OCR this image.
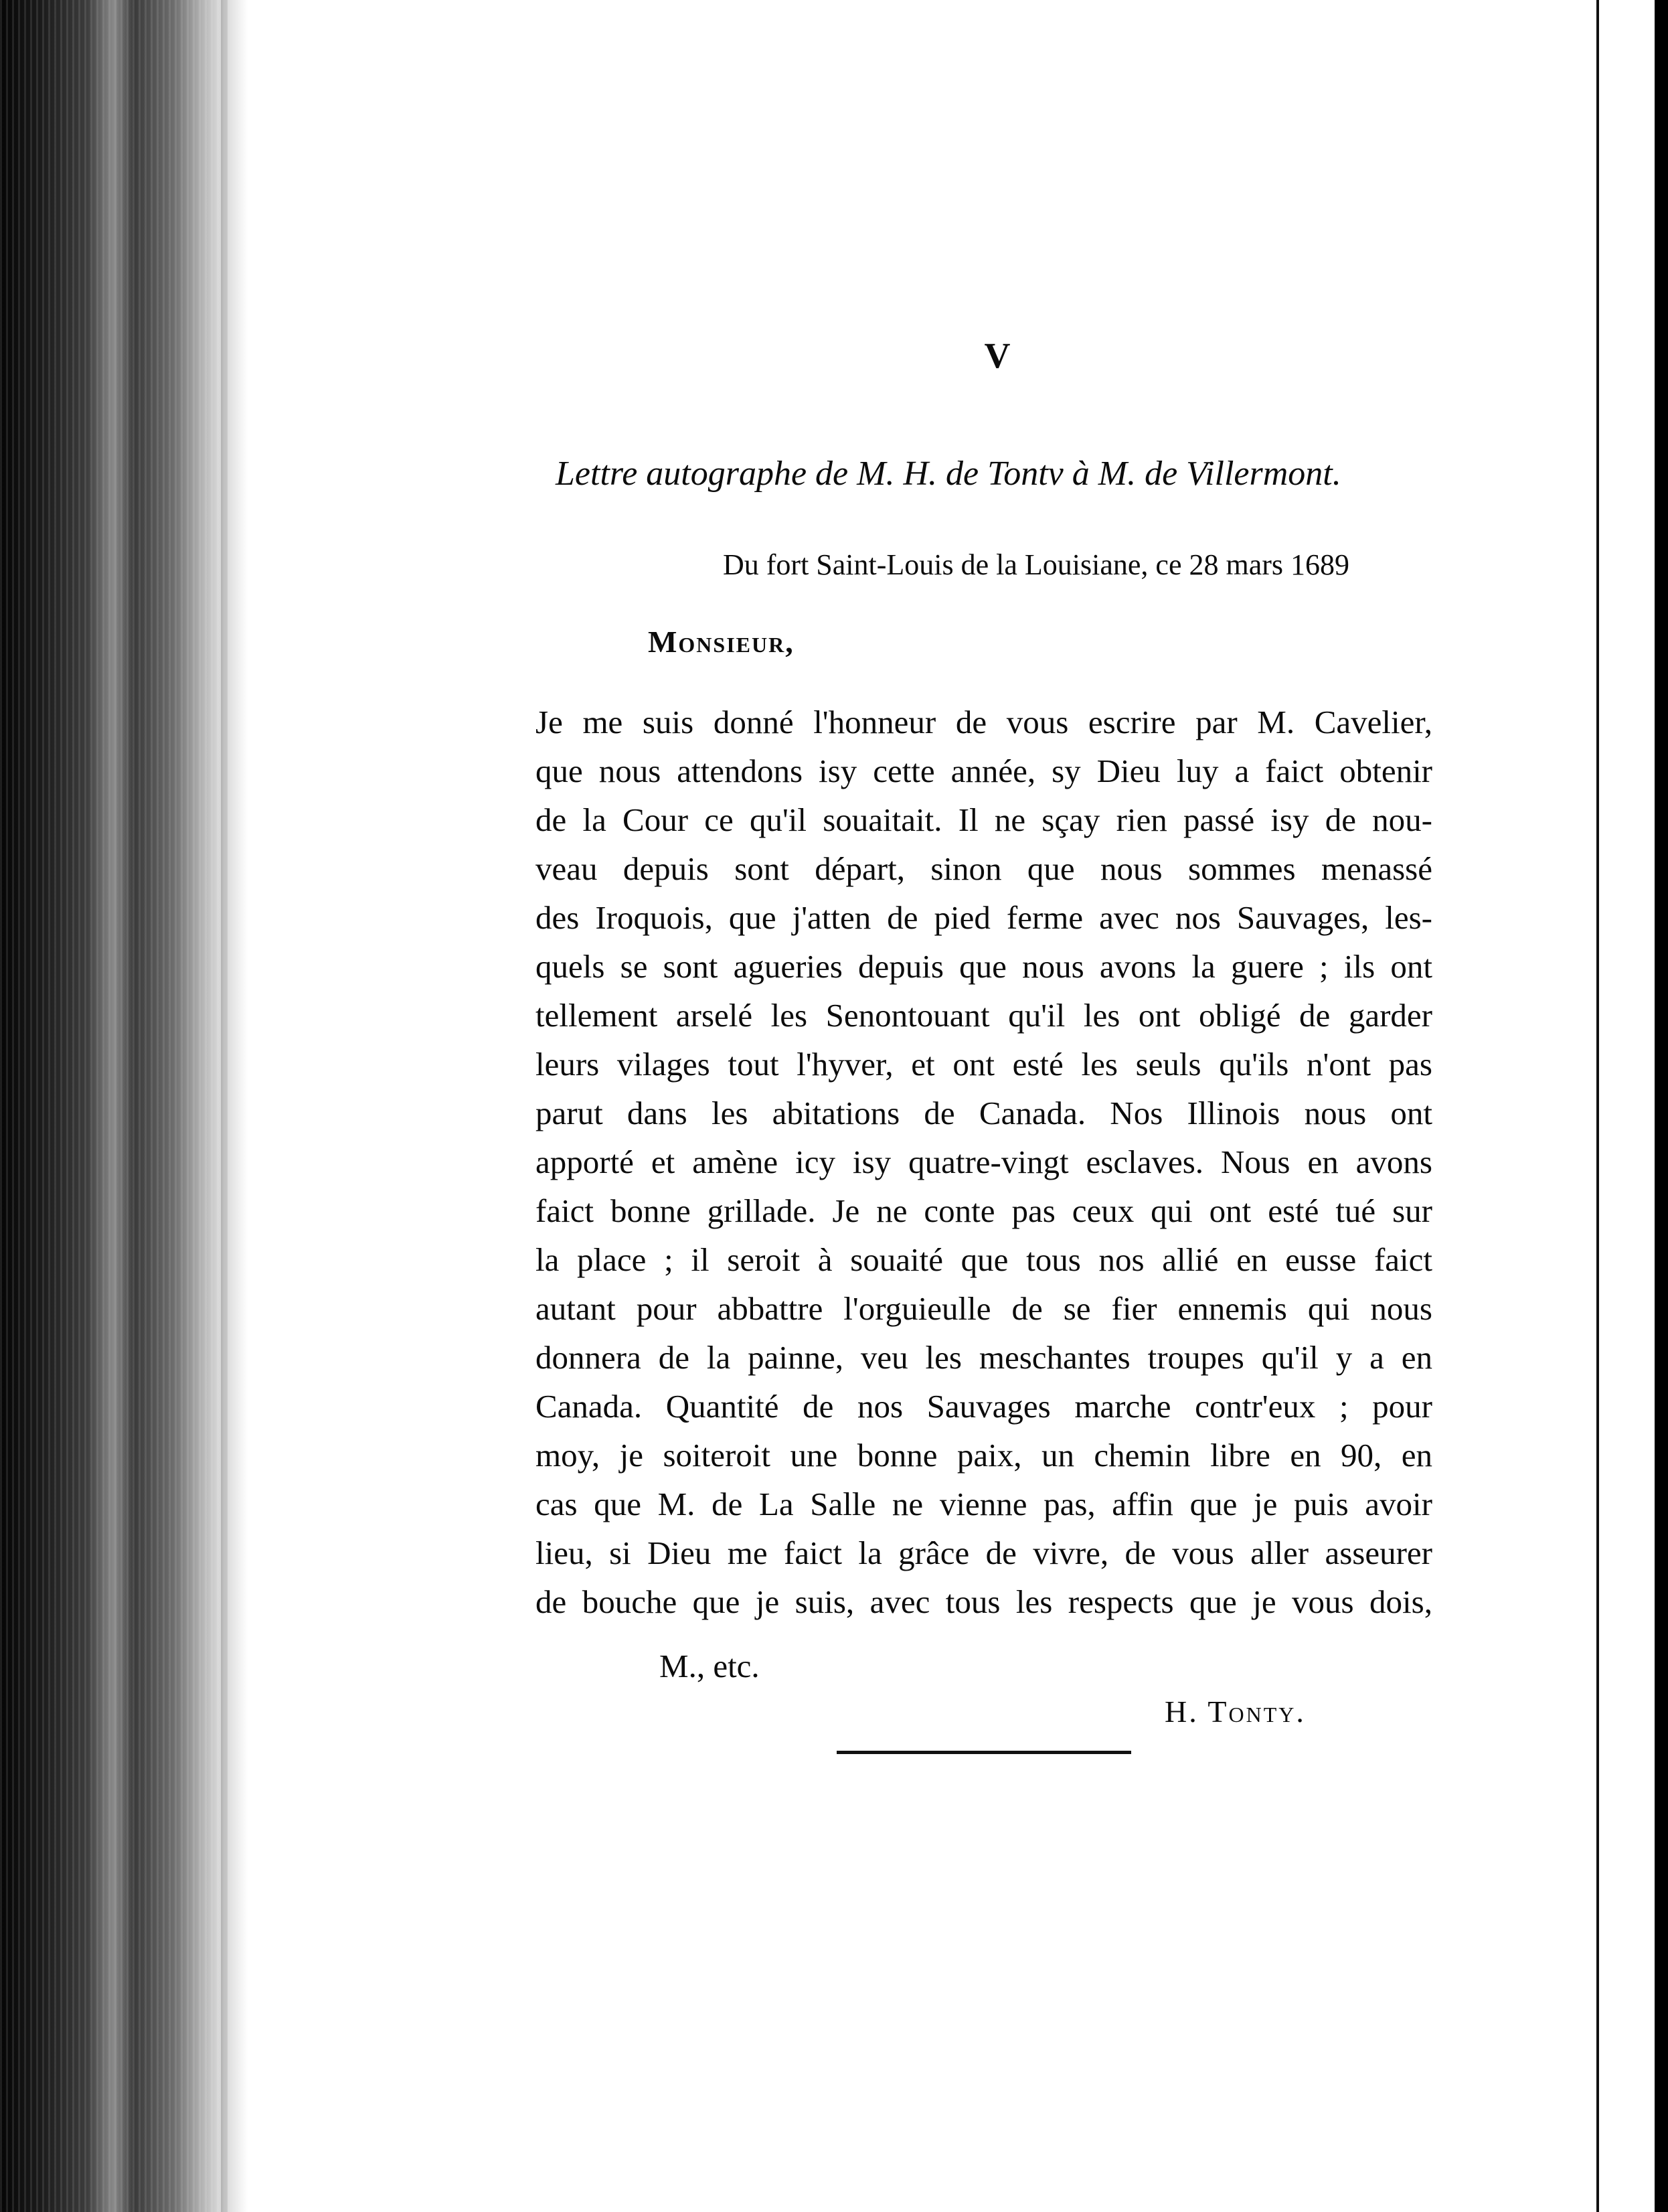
V
Lettre autographe de M. H. de Tontv à M. de Villermont.
Du fort Saint-Louis de la Louisiane, ce 28 mars 1689
Monsieur,
Je me suis donné l'honneur de vous escrire par M. Cavelier,
que nous attendons isy cette année, sy Dieu luy a faict obtenir
de la Cour ce qu'il souaitait. Il ne sçay rien passé isy de nou-
veau depuis sont départ, sinon que nous sommes menassé
des Iroquois, que j'atten de pied ferme avec nos Sauvages, les-
quels se sont agueries depuis que nous avons la guere ; ils ont
tellement arselé les Senontouant qu'il les ont obligé de garder
leurs vilages tout l'hyver, et ont esté les seuls qu'ils n'ont pas
parut dans les abitations de Canada. Nos Illinois nous ont
apporté et amène icy isy quatre-vingt esclaves. Nous en avons
faict bonne grillade. Je ne conte pas ceux qui ont esté tué sur
la place ; il seroit à souaité que tous nos allié en eusse faict
autant pour abbattre l'orguieulle de se fier ennemis qui nous
donnera de la painne, veu les meschantes troupes qu'il y a en
Canada. Quantité de nos Sauvages marche contr'eux ; pour
moy, je soiteroit une bonne paix, un chemin libre en 90, en
cas que M. de La Salle ne vienne pas, affin que je puis avoir
lieu, si Dieu me faict la grâce de vivre, de vous aller asseurer
de bouche que je suis, avec tous les respects que je vous dois,
M., etc.
H. Tonty.
